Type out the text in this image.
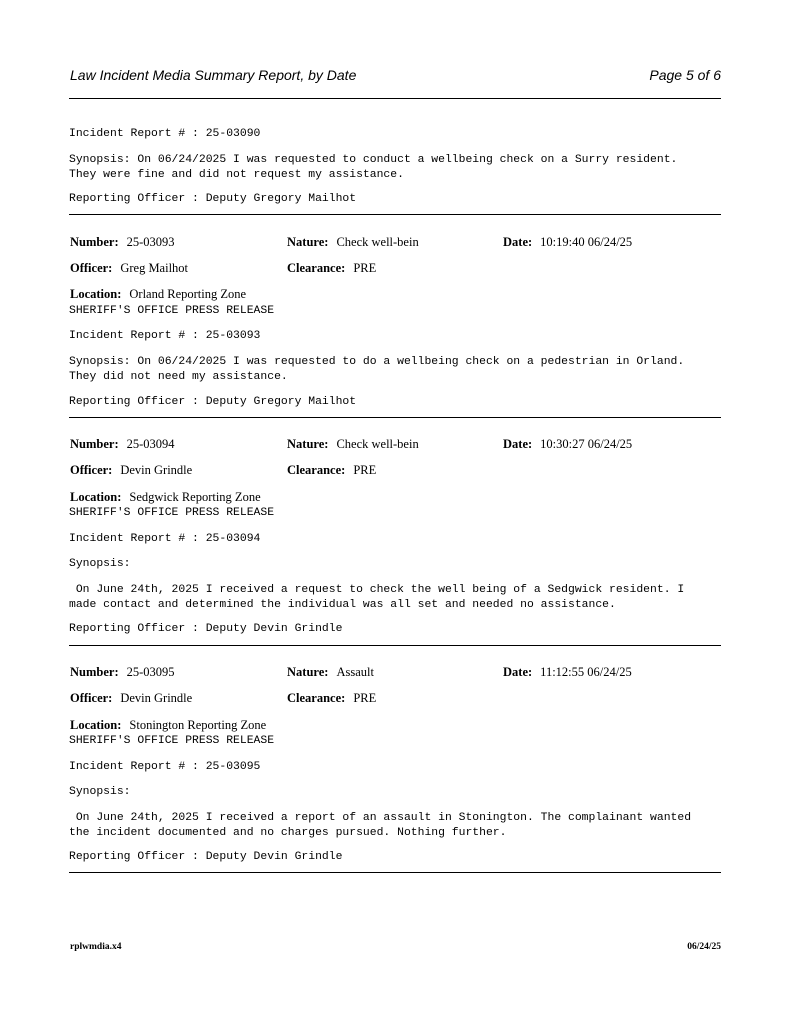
Law Incident Media Summary Report, by Date	Page 5 of 6
Incident Report # : 25-03090
Synopsis: On 06/24/2025 I was requested to conduct a wellbeing check on a Surry resident.
They were fine and did not request my assistance.
Reporting Officer : Deputy Gregory Mailhot
Number: 25-03093	Nature: Check well-bein	Date: 10:19:40 06/24/25
Officer: Greg Mailhot	Clearance: PRE
Location: Orland Reporting Zone
SHERIFF'S OFFICE PRESS RELEASE
Incident Report # : 25-03093
Synopsis: On 06/24/2025 I was requested to do a wellbeing check on a pedestrian in Orland.
They did not need my assistance.
Reporting Officer : Deputy Gregory Mailhot
Number: 25-03094	Nature: Check well-bein	Date: 10:30:27 06/24/25
Officer: Devin Grindle	Clearance: PRE
Location: Sedgwick Reporting Zone
SHERIFF'S OFFICE PRESS RELEASE
Incident Report # : 25-03094
Synopsis:
On June 24th, 2025 I received a request to check the well being of a Sedgwick resident. I
made contact and determined the individual was all set and needed no assistance.
Reporting Officer : Deputy Devin Grindle
Number: 25-03095	Nature: Assault	Date: 11:12:55 06/24/25
Officer: Devin Grindle	Clearance: PRE
Location: Stonington Reporting Zone
SHERIFF'S OFFICE PRESS RELEASE
Incident Report # : 25-03095
Synopsis:
On June 24th, 2025 I received a report of an assault in Stonington. The complainant wanted
the incident documented and no charges pursued. Nothing further.
Reporting Officer : Deputy Devin Grindle
rplwmdia.x4	06/24/25
